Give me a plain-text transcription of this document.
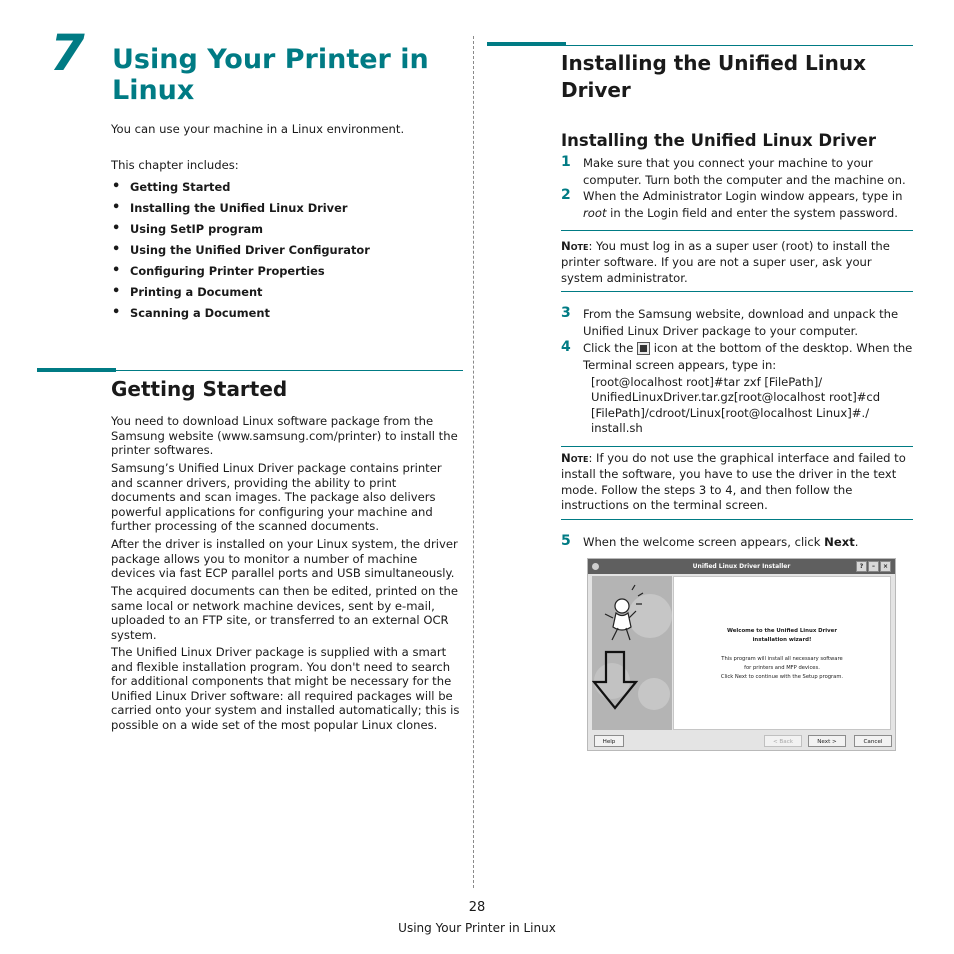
7 Using Your Printer in Linux
You can use your machine in a Linux environment.
This chapter includes:
• Getting Started
• Installing the Unified Linux Driver
• Using SetIP program
• Using the Unified Driver Configurator
• Configuring Printer Properties
• Printing a Document
• Scanning a Document
Getting Started

You need to download Linux software package from the Samsung website (www.samsung.com/printer) to install the printer softwares.

Samsung’s Unified Linux Driver package contains printer and scanner drivers, providing the ability to print documents and scan images. The package also delivers powerful applications for configuring your machine and further processing of the scanned documents.

After the driver is installed on your Linux system, the driver package allows you to monitor a number of machine devices via fast ECP parallel ports and USB simultaneously.

The acquired documents can then be edited, printed on the same local or network machine devices, sent by e-mail, uploaded to an FTP site, or transferred to an external OCR system.

The Unified Linux Driver package is supplied with a smart and flexible installation program. You don't need to search for additional components that might be necessary for the Unified Linux Driver software: all required packages will be carried onto your system and installed automatically; this is possible on a wide set of the most popular Linux clones.

Installing the Unified Linux Driver
Installing the Unified Linux Driver
1 Make sure that you connect your machine to your computer. Turn both the computer and the machine on.

2 When the Administrator Login window appears, type in root in the Login field and enter the system password.

Note: You must log in as a super user (root) to install the printer software. If you are not a super user, ask your system administrator.

3 From the Samsung website, download and unpack the Unified Linux Driver package to your computer.

4 Click the
icon at the bottom of the desktop. When the Terminal screen appears, type in:

[root@localhost root]#tar zxf [FilePath]/ UnifiedLinuxDriver.tar.gz[root@localhost root]#cd [FilePath]/cdroot/Linux[root@localhost Linux]#./ install.sh

Note: If you do not use the graphical interface and failed to install the software, you have to use the driver in the text mode. Follow the steps 3 to 4, and then follow the instructions on the terminal screen.

5 When the welcome screen appears, click Next.

Unified Linux Driver Installer	?	–	×
Welcome to the Unified Linux Driver
installation wizard!
This program will install all necessary software
for printers and MFP devices.
Click Next to continue with the Setup program.
Help	< Back	Next >	Cancel
28
Using Your Printer in Linux
